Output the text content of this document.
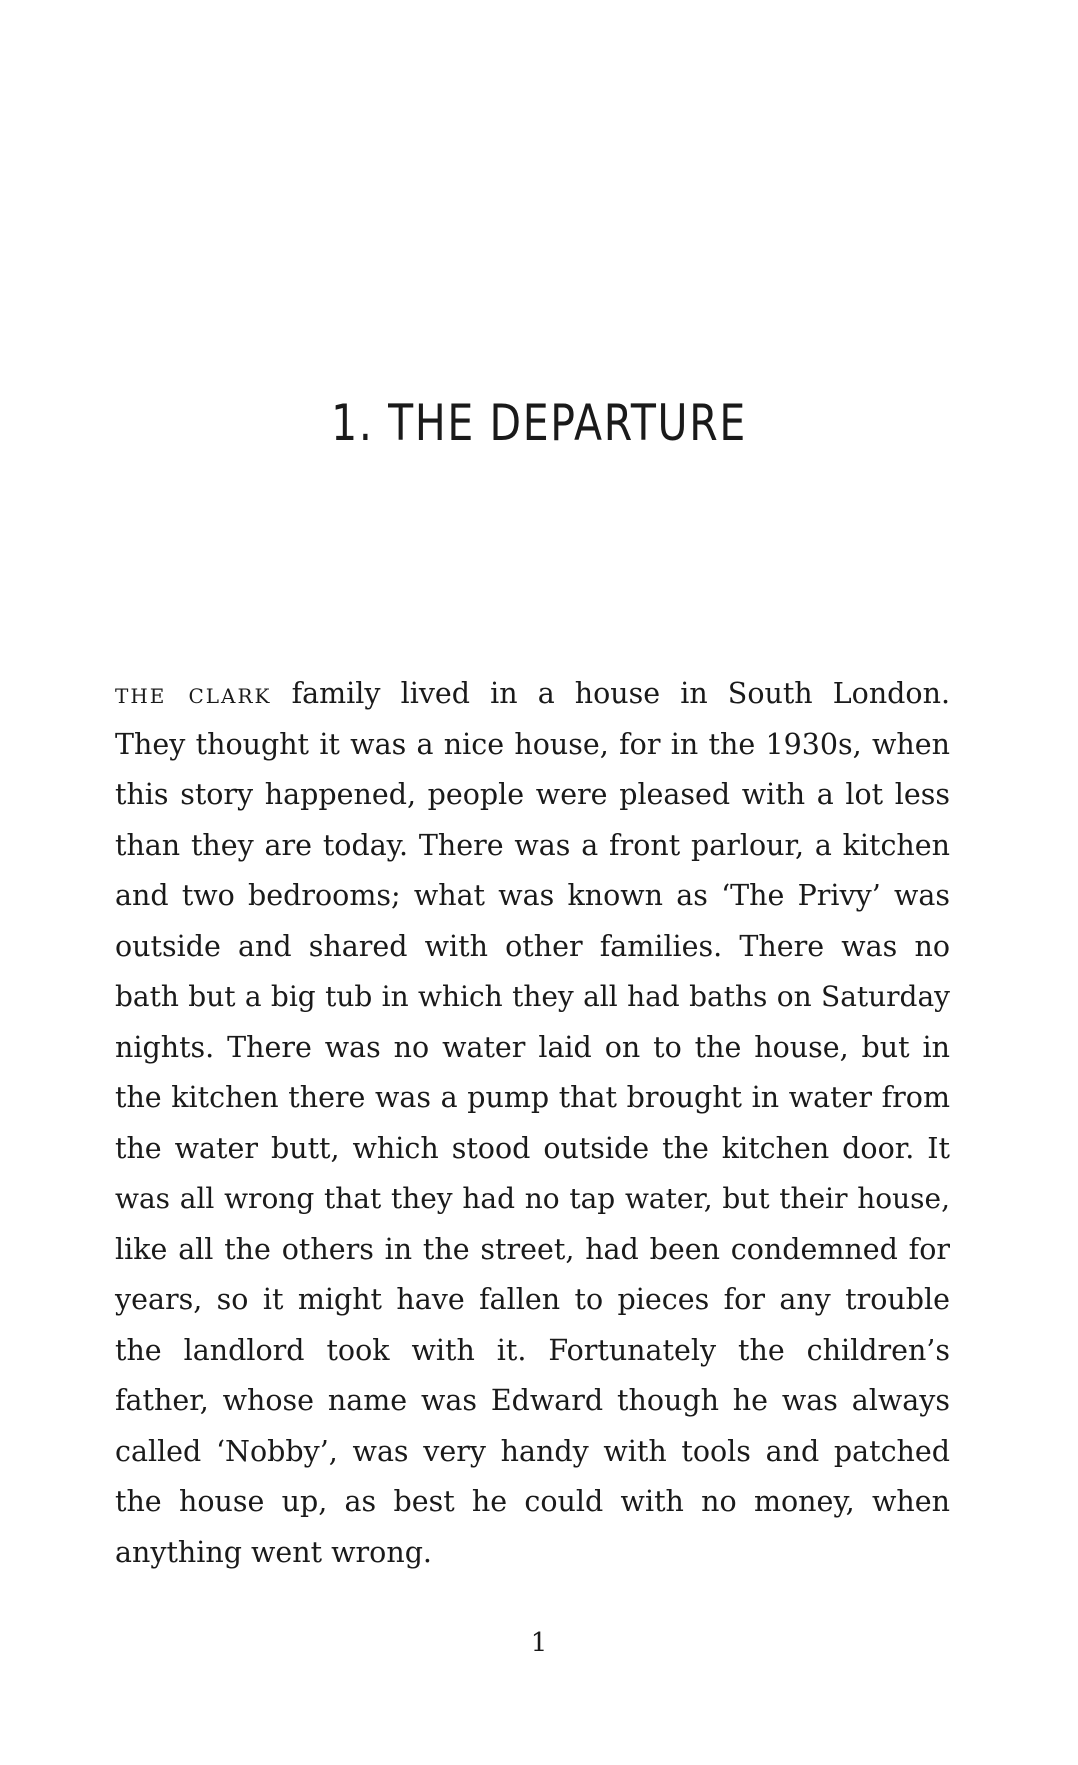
1. THE DEPARTURE
the clark family lived in a house in South London.
They thought it was a nice house, for in the 1930s, when
this story happened, people were pleased with a lot less
than they are today. There was a front parlour, a kitchen
and two bedrooms; what was known as ‘The Privy’ was
outside and shared with other families. There was no
bath but a big tub in which they all had baths on Saturday
nights. There was no water laid on to the house, but in
the kitchen there was a pump that brought in water from
the water butt, which stood outside the kitchen door. It
was all wrong that they had no tap water, but their house,
like all the others in the street, had been condemned for
years, so it might have fallen to pieces for any trouble
the landlord took with it. Fortunately the children’s
father, whose name was Edward though he was always
called ‘Nobby’, was very handy with tools and patched
the house up, as best he could with no money, when
anything went wrong.
1
